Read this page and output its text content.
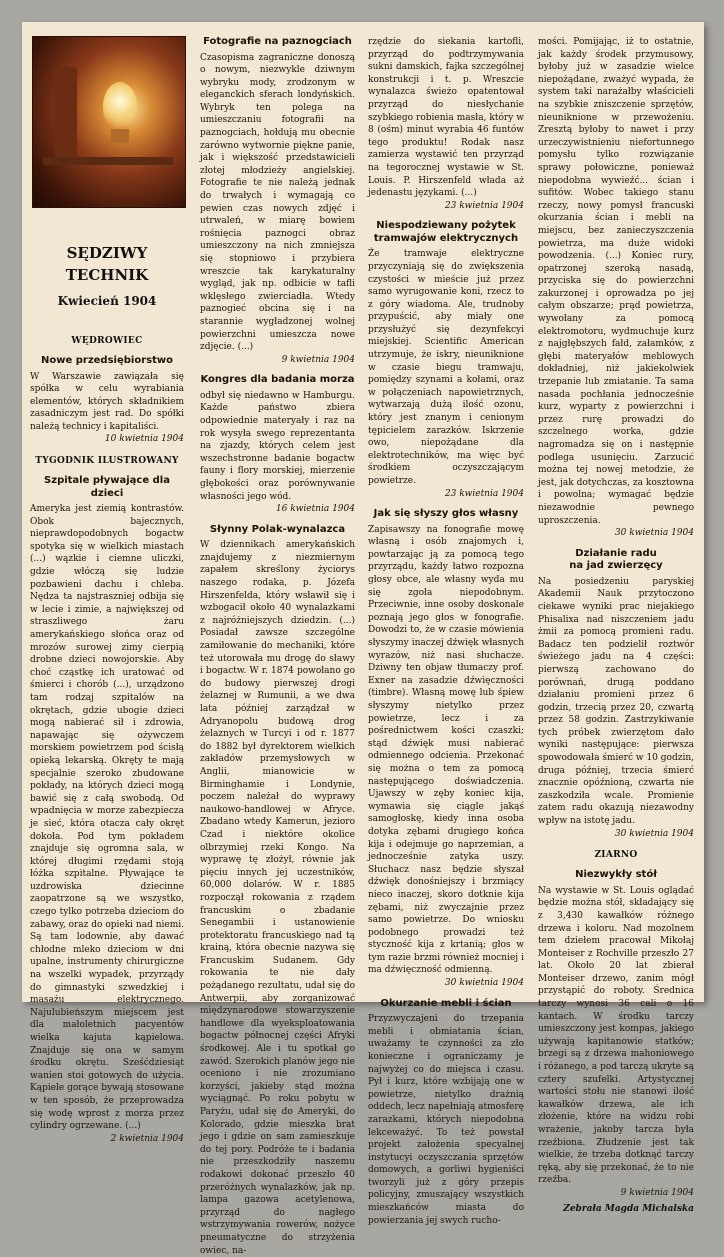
SĘDZIWY

TECHNIK

Kwiecień 1904

WĘDROWIEC
Nowe przedsiębiorstwo

W Warszawie zawiązała się spółka w celu wyrabiania elementów, których składnikiem zasadniczym jest rad. Do spółki należą technicy i kapitaliści.

10 kwietnia 1904

TYGODNIK ILUSTROWANY
Szpitale pływające dla dzieci

Ameryka jest ziemią kontrastów. Obok bajecznych, nieprawdopodobnych bogactw spotyka się w wielkich miastach (...) wązkie i ciemne uliczki, gdzie włóczą się ludzie pozbawieni dachu i chleba. Nędza ta najstraszniej odbija się w lecie i zimie, a największej od straszliwego żaru amerykańskiego słońca oraz od mrozów surowej zimy cierpią drobne dzieci nowojorskie. Aby choć cząstkę ich uratować od śmierci i chorób (...), urządzono tam rodzaj szpitalów na okrętach, gdzie ubogie dzieci mogą nabierać sił i zdrowia, napawając się ożywczem morskiem powietrzem pod ścisłą opieką lekarską. Okręty te mają specjalnie szeroko zbudowane pokłady, na których dzieci mogą bawić się z całą swobodą. Od wpadnięcia w morze zabezpiecza je sieć, która otacza cały okręt dokoła. Pod tym pokładem znajduje się ogromna sala, w której długimi rzędami stoją łóżka szpitalne. Pływające te uzdrowiska dziecinne zaopatrzone są we wszystko, czego tylko potrzeba dzieciom do zabawy, oraz do opieki nad niemi. Są tam lodownie, aby dawać chłodne mleko dzieciom w dni upalne, instrumenty chirurgiczne na wszelki wypadek, przyrządy do gimnastyki szwedzkiej i masażu elektrycznego. Najulubieńszym miejscem jest dla małoletnich pacyentów wielka kajuta kąpielowa. Znajduje się ona w samym środku okrętu. Sześćdziesiąt wanien stoi gotowych do użycia. Kąpiele gorące bywają stosowane w ten sposób, że przeprowadza się wodę wprost z morza przez cylindry ogrzewane. (...)

2 kwietnia 1904

Fotografie na paznogciach

Czasopisma zagraniczne donoszą o nowym, niezwykle dziwnym wybryku mody, zrodzonym w eleganckich sferach londyńskich. Wybryk ten polega na umieszczaniu fotografii na paznogciach, hołdują mu obecnie zarówno wytwornie piękne panie, jak i większość przedstawicieli złotej młodzieży angielskiej. Fotografie te nie należą jednak do trwałych i wymagają co pewien czas nowych zdjęć i utrwaleń, w miarę bowiem rośnięcia paznogci obraz umieszczony na nich zmniejsza się stopniowo i przybiera wreszcie tak karykaturalny wygląd, jak np. odbicie w tafli wklęsłego zwierciadła. Wtedy paznogieć obcina się i na starannie wygładzonej wolnej powierzchni umieszcza nowe zdjęcie. (...)

9 kwietnia 1904

Kongres dla badania morza

odbył się niedawno w Hamburgu. Każde państwo zbiera odpowiednie materyały i raz na rok wysyła swego reprezentanta na zjazdy, których celem jest wszechstronne badanie bogactw fauny i flory morskiej, mierzenie głębokości oraz porównywanie własności jego wód.

16 kwietnia 1904

Słynny Polak-wynalazca

W dziennikach amerykańskich znajdujemy z niezmiernym zapałem skreślony życiorys naszego rodaka, p. Józefa Hirszenfelda, który wsławił się i wzbogacił około 40 wynalazkami z najróżniejszych dziedzin. (...) Posiadał zawsze szczególne zamiłowanie do mechaniki, które też utorowała mu drogę do sławy i bogactw. W r. 1874 powołano go do budowy pierwszej drogi żelaznej w Rumunii, a we dwa lata później zarządzał w Adryanopolu budową drog żelaznych w Turcyi i od r. 1877 do 1882 był dyrektorem wielkich zakładów przemysłowych w Anglii, mianowicie w Birminghamie i Londynie, poczem należał do wyprawy naukowo-handlowej w Afryce. Zbadano wtedy Kamerun, jezioro Czad i niektóre okolice olbrzymiej rzeki Kongo. Na wyprawę tę złożył, równie jak pięciu innych jej uczestników, 60,000 dolarów. W r. 1885 rozpoczął rokowania z rządem francuskim o zbadanie Senegambii i ustanowienie protektoratu francuskiego nad tą krainą, która obecnie nazywa się Francuskim Sudanem. Gdy rokowania te nie dały pożądanego rezultatu, udał się do Antwerpii, aby zorganizować międzynarodowe stowarzyszenie handlowe dla wyeksploatowania bogactw północnej części Afryki środkowej. Ale i tu spotkał go zawód. Szerokich planów jego nie oceniono i nie zrozumiano korzyści, jakieby stąd można wyciągnąć. Po roku pobytu w Paryżu, udał się do Ameryki, do Kolorado, gdzie mieszka brat jego i gdzie on sam zamieszkuje do tej pory. Podróże te i badania nie przeszkodziły naszemu rodakowi dokonać przeszło 40 przeróżnych wynalazków, jak np. lampa gazowa acetylenowa, przyrząd do nagłego wstrzymywania rowerów, nożyce pneumatyczne do strzyżenia owiec, na-

rzędzie do siekania kartofli, przyrząd do podtrzymywania sukni damskich, fajka szczególnej konstrukcji i t. p. Wreszcie wynalazca świeżo opatentował przyrząd do niesłychanie szybkiego robienia masła, który w 8 (ośm) minut wyrabia 46 funtów tego produktu! Rodak nasz zamierza wystawić ten przyrząd na tegorocznej wystawie w St. Louis. P. Hirszenfeld włada aż jedenastu językami. (...)

23 kwietnia 1904

Niespodziewany pożytek
tramwajów elektrycznych

Że tramwaje elektryczne przyczyniają się do zwiększenia czystości w mieście już przez samo wyrugowanie koni, rzecz to z góry wiadoma. Ale, trudnoby przypuścić, aby miały one przysłużyć się dezynfekcyi miejskiej. Scientific American utrzymuje, że iskry, nieuniknione w czasie biegu tramwaju, pomiędzy szynami a kołami, oraz w połączeniach napowietrznych, wytwarzają dużą ilość ozonu, który jest znanym i cenionym tępicielem zarazków. Iskrzenie owo, niepożądane dla elektrotechników, ma więc być środkiem oczyszczającym powietrze.

23 kwietnia 1904

Jak się słyszy głos własny

Zapisawszy na fonografie mowę własną i osób znajomych i, powtarzając ją za pomocą tego przyrządu, każdy łatwo rozpozna głosy obce, ale własny wyda mu się zgoła niepodobnym. Przeciwnie, inne osoby doskonale poznają jego głos w fonografie. Dowodzi to, że w czasie mówienia słyszymy inaczej dźwięk własnych wyrazów, niż nasi słuchacze. Dziwny ten objaw tłumaczy prof. Exner na zasadzie dźwięczności (timbre). Własną mowę lub śpiew słyszymy nietylko przez powietrze, lecz i za pośrednictwem kości czaszki; stąd dźwięk musi nabierać odmiennego odcienia. Przekonać się można o tem za pomocą następującego doświadczenia. Ujawszy w zęby koniec kija, wymawia się ciągle jakąś samogłoskę, kiedy inna osoba dotyka zębami drugiego końca kija i odejmuje go naprzemian, a jednocześnie zatyka uszy. Słuchacz nasz będzie słyszał dźwięk donośniejszy i brzmiący nieco inaczej, skoro dotknie kija zębami, niż zwyczajnie przez samo powietrze. Do wniosku podobnego prowadzi też styczność kija z krtanią; głos w tym razie brzmi również mocniej i ma dźwięczność odmienną.

30 kwietnia 1904

Okurzanie mebli i ścian

Przyzwyczajeni do trzepania mebli i obmiatania ścian, uważamy te czynności za zło konieczne i ograniczamy je najwyżej co do miejsca i czasu. Pył i kurz, które wzbijają one w powietrze, nietylko drażnią oddech, lecz napełniają atmosferę zarazkami, których niepodobna lekceważyć. To też powstał projekt założenia specyalnej instytucyi oczyszczania sprzętów domowych, a gorliwi hygieniści tworzyli już z góry przepis policyjny, zmuszający wszystkich mieszkańców miasta do powierzania jej swych rucho-

mości. Pomijając, iż to ostatnie, jak każdy środek przymusowy, byłoby już w zasadzie wielce niepożądane, zważyć wypada, że system taki narażałby właścicieli na szybkie zniszczenie sprzętów, nieuniknione w przewożeniu. Zresztą byłoby to nawet i przy urzeczywistnieniu niefortunnego pomysłu tylko rozwiązanie sprawy połowiczne, ponieważ niepodobna wywieźć... ścian i sufitów. Wobec takiego stanu rzeczy, nowy pomysł francuski okurzania ścian i mebli na miejscu, bez zanieczyszczenia powietrza, ma duże widoki powodzenia. (...) Koniec rury, opatrzonej szeroką nasadą, przyciska się do powierzchni zakurzonej i oprowadza po jej całym obszarze; prąd powietrza, wywołany za pomocą elektromotoru, wydmuchuje kurz z najgłębszych fałd, załamków, z głębi materyałów meblowych dokładniej, niż jakiekolwiek trzepanie lub zmiatanie. Ta sama nasada pochłania jednocześnie kurz, wyparty z powierzchni i przez rurę prowadzi do szczelnego worka, gdzie nagromadza się on i następnie podlega usunięciu. Zarzucić można tej nowej metodzie, że jest, jak dotychczas, za kosztowna i powolna; wymagać będzie niezawodnie pewnego uproszczenia.

30 kwietnia 1904

Działanie radu
na jad zwierzęcy

Na posiedzeniu paryskiej Akademii Nauk przytoczono ciekawe wyniki prac niejakiego Phisalixa nad niszczeniem jadu żmii za pomocą promieni radu. Badacz ten podzielił roztwór świeżego jadu na 4 części: pierwszą zachowano do porównań, drugą poddano działaniu promieni przez 6 godzin, trzecią przez 20, czwartą przez 58 godzin. Zastrzykiwanie tych próbek zwierzętom dało wyniki następujące: pierwsza spowodowała śmierć w 10 godzin, druga później, trzecia śmierć znacznie opóźnioną, czwarta nie zaszkodziła wcale. Promienie zatem radu okazują niezawodny wpływ na istotę jadu.

30 kwietnia 1904

ZIARNO
Niezwykły stół

Na wystawie w St. Louis oglądać będzie można stół, składający się z 3,430 kawałków różnego drzewa i koloru. Nad mozolnem tem dziełem pracował Mikołaj Monteiser z Rochville przeszło 27 lat. Około 20 lat zbierał Monteiser drzewo, zanim mógł przystąpić do roboty. Średnica tarczy wynosi 36 cali o 16 kantach. W środku tarczy umieszczony jest kompas, jakiego używają kapitanowie statków; brzegi są z drzewa mahoniowego i różanego, a pod tarczą ukryte są cztery szufelki. Artystycznej wartości stołu nie stanowi ilość kawałków drzewa, ale ich złożenie, które na widzu robi wrażenie, jakoby tarcza była rzeźbiona. Złudzenie jest tak wielkie, że trzeba dotknąć tarczy ręką, aby się przekonać, że to nie rzeźba.

9 kwietnia 1904

Zebrała Magda Michalska
